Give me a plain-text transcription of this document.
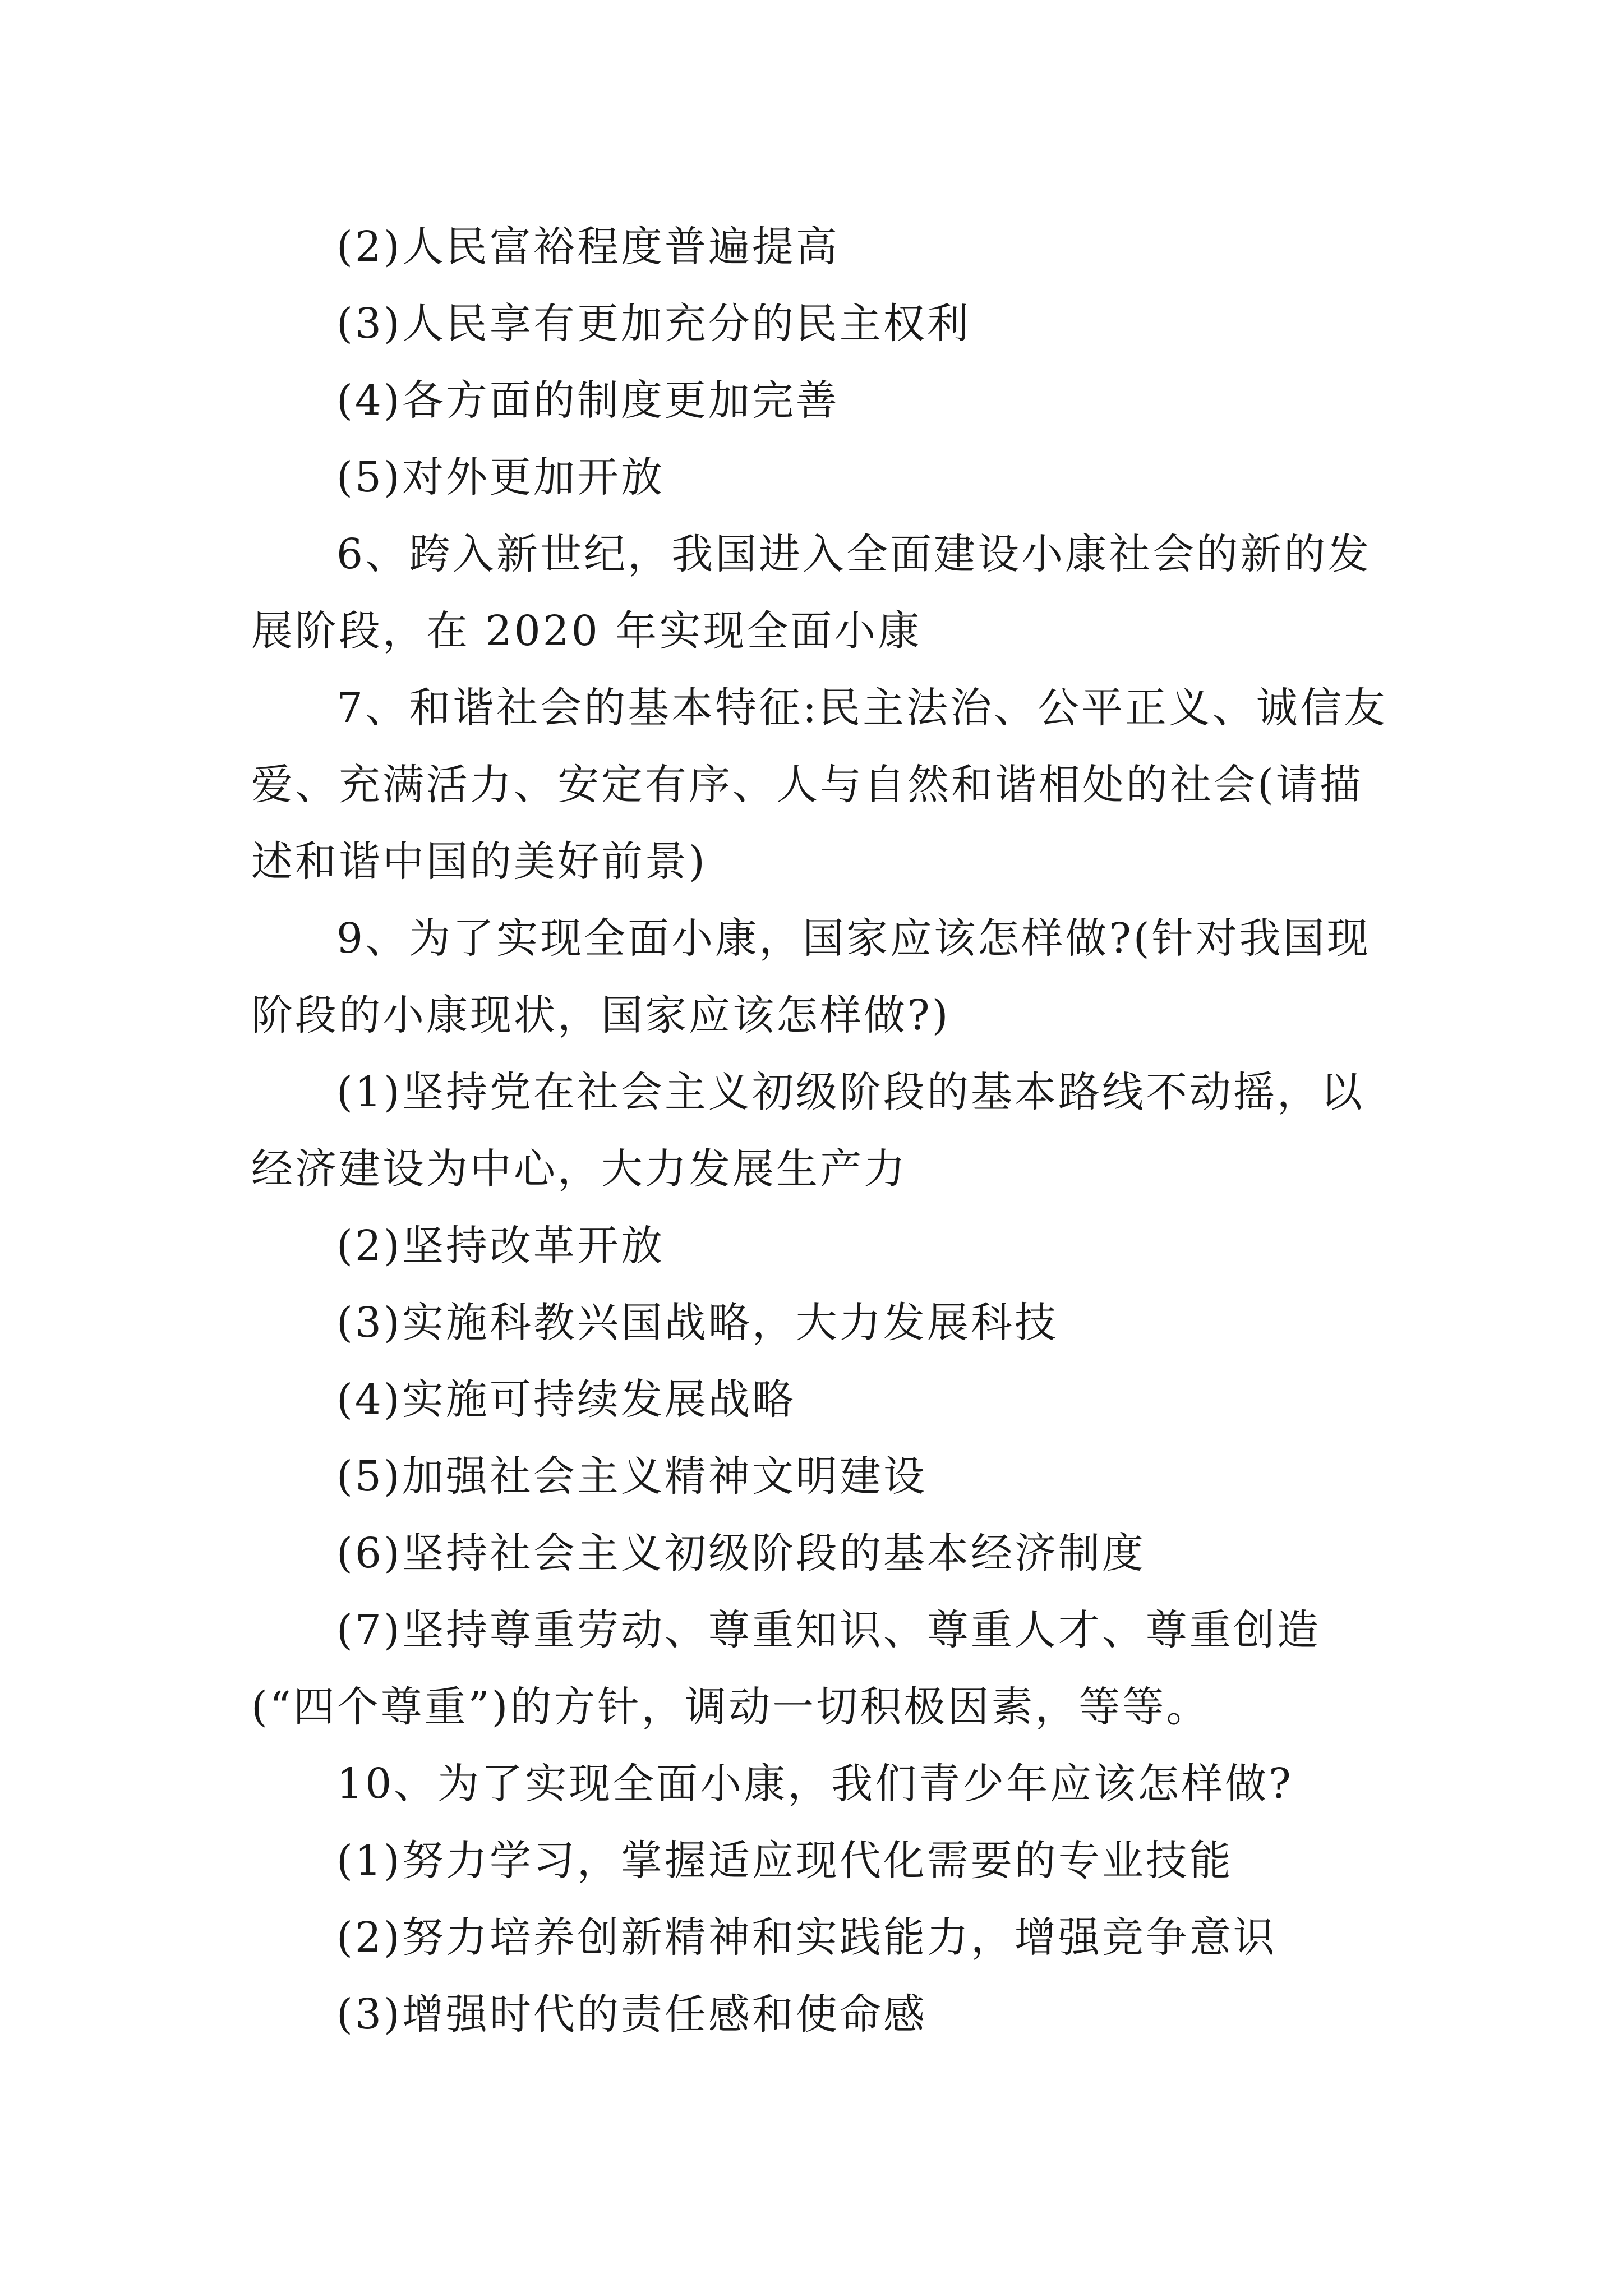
(2)人民富裕程度普遍提高
(3)人民享有更加充分的民主权利
(4)各方面的制度更加完善
(5)对外更加开放
6、跨入新世纪，我国进入全面建设小康社会的新的发
展阶段，在 2020 年实现全面小康
7、和谐社会的基本特征:民主法治、公平正义、诚信友
爱、充满活力、安定有序、人与自然和谐相处的社会(请描
述和谐中国的美好前景)
9、为了实现全面小康，国家应该怎样做?(针对我国现
阶段的小康现状，国家应该怎样做?)
(1)坚持党在社会主义初级阶段的基本路线不动摇，以
经济建设为中心，大力发展生产力
(2)坚持改革开放
(3)实施科教兴国战略，大力发展科技
(4)实施可持续发展战略
(5)加强社会主义精神文明建设
(6)坚持社会主义初级阶段的基本经济制度
(7)坚持尊重劳动、尊重知识、尊重人才、尊重创造
(“四个尊重”)的方针，调动一切积极因素，等等。
10、为了实现全面小康，我们青少年应该怎样做?
(1)努力学习，掌握适应现代化需要的专业技能
(2)努力培养创新精神和实践能力，增强竞争意识
(3)增强时代的责任感和使命感
